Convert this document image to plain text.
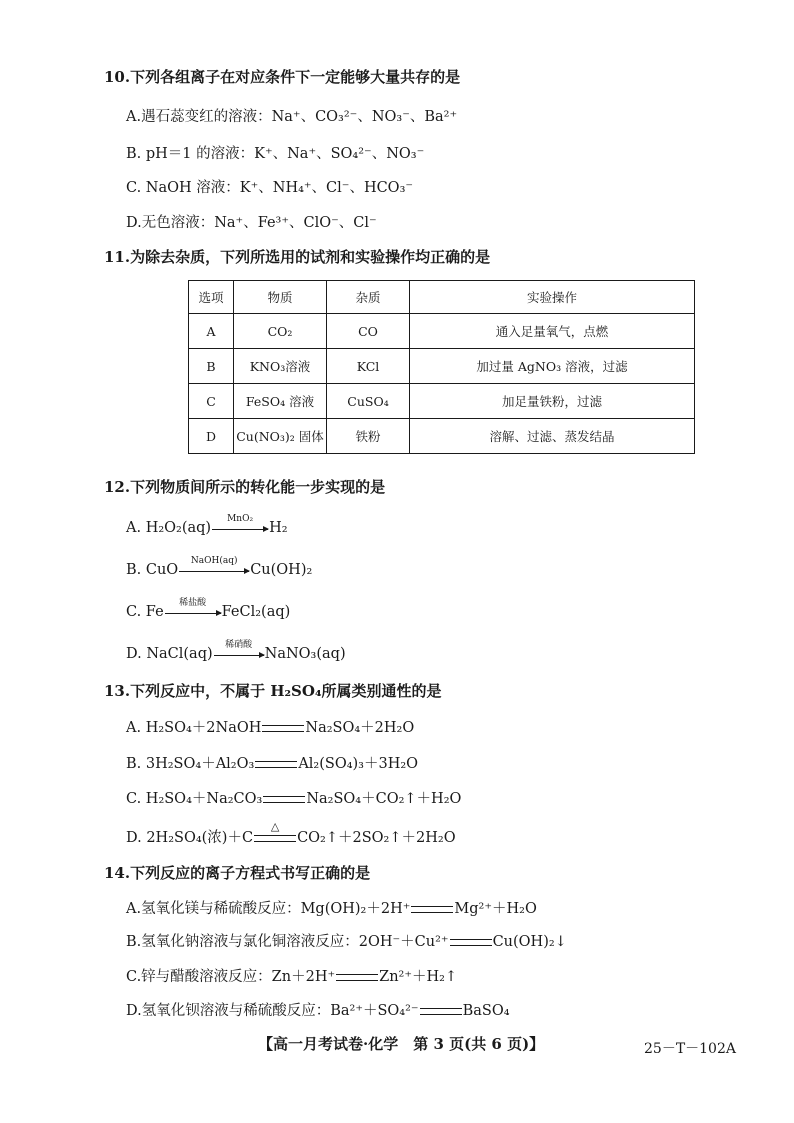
10.下列各组离子在对应条件下一定能够大量共存的是
A.遇石蕊变红的溶液：Na⁺、CO₃²⁻、NO₃⁻、Ba²⁺
B. pH＝1 的溶液：K⁺、Na⁺、SO₄²⁻、NO₃⁻
C. NaOH 溶液：K⁺、NH₄⁺、Cl⁻、HCO₃⁻
D.无色溶液：Na⁺、Fe³⁺、ClO⁻、Cl⁻
11.为除去杂质，下列所选用的试剂和实验操作均正确的是
选项	物质	杂质	实验操作
A	CO₂	CO	通入足量氧气，点燃
B	KNO₃溶液	KCl	加过量 AgNO₃ 溶液，过滤
C	FeSO₄ 溶液	CuSO₄	加足量铁粉，过滤
D	Cu(NO₃)₂ 固体	铁粉	溶解、过滤、蒸发结晶
12.下列物质间所示的转化能一步实现的是
A. H₂O₂(aq)
MnO₂
H₂
B. CuO
NaOH(aq)
Cu(OH)₂
C. Fe
稀盐酸
FeCl₂(aq)
D. NaCl(aq)
稀硝酸
NaNO₃(aq)
13.下列反应中，不属于 H₂SO₄所属类别通性的是
A. H₂SO₄＋2NaOH	Na₂SO₄＋2H₂O
B. 3H₂SO₄＋Al₂O₃	Al₂(SO₄)₃＋3H₂O
C. H₂SO₄＋Na₂CO₃	Na₂SO₄＋CO₂↑＋H₂O
D. 2H₂SO₄(浓)＋C
△
CO₂↑＋2SO₂↑＋2H₂O
14.下列反应的离子方程式书写正确的是
A.氢氧化镁与稀硫酸反应：Mg(OH)₂＋2H⁺	Mg²⁺＋H₂O
B.氢氧化钠溶液与氯化铜溶液反应：2OH⁻＋Cu²⁺	Cu(OH)₂↓
C.锌与醋酸溶液反应：Zn＋2H⁺	Zn²⁺＋H₂↑
D.氢氧化钡溶液与稀硫酸反应：Ba²⁺＋SO₄²⁻	BaSO₄
【高一月考试卷·化学　第 3 页(共 6 页)】	25－T－102A
